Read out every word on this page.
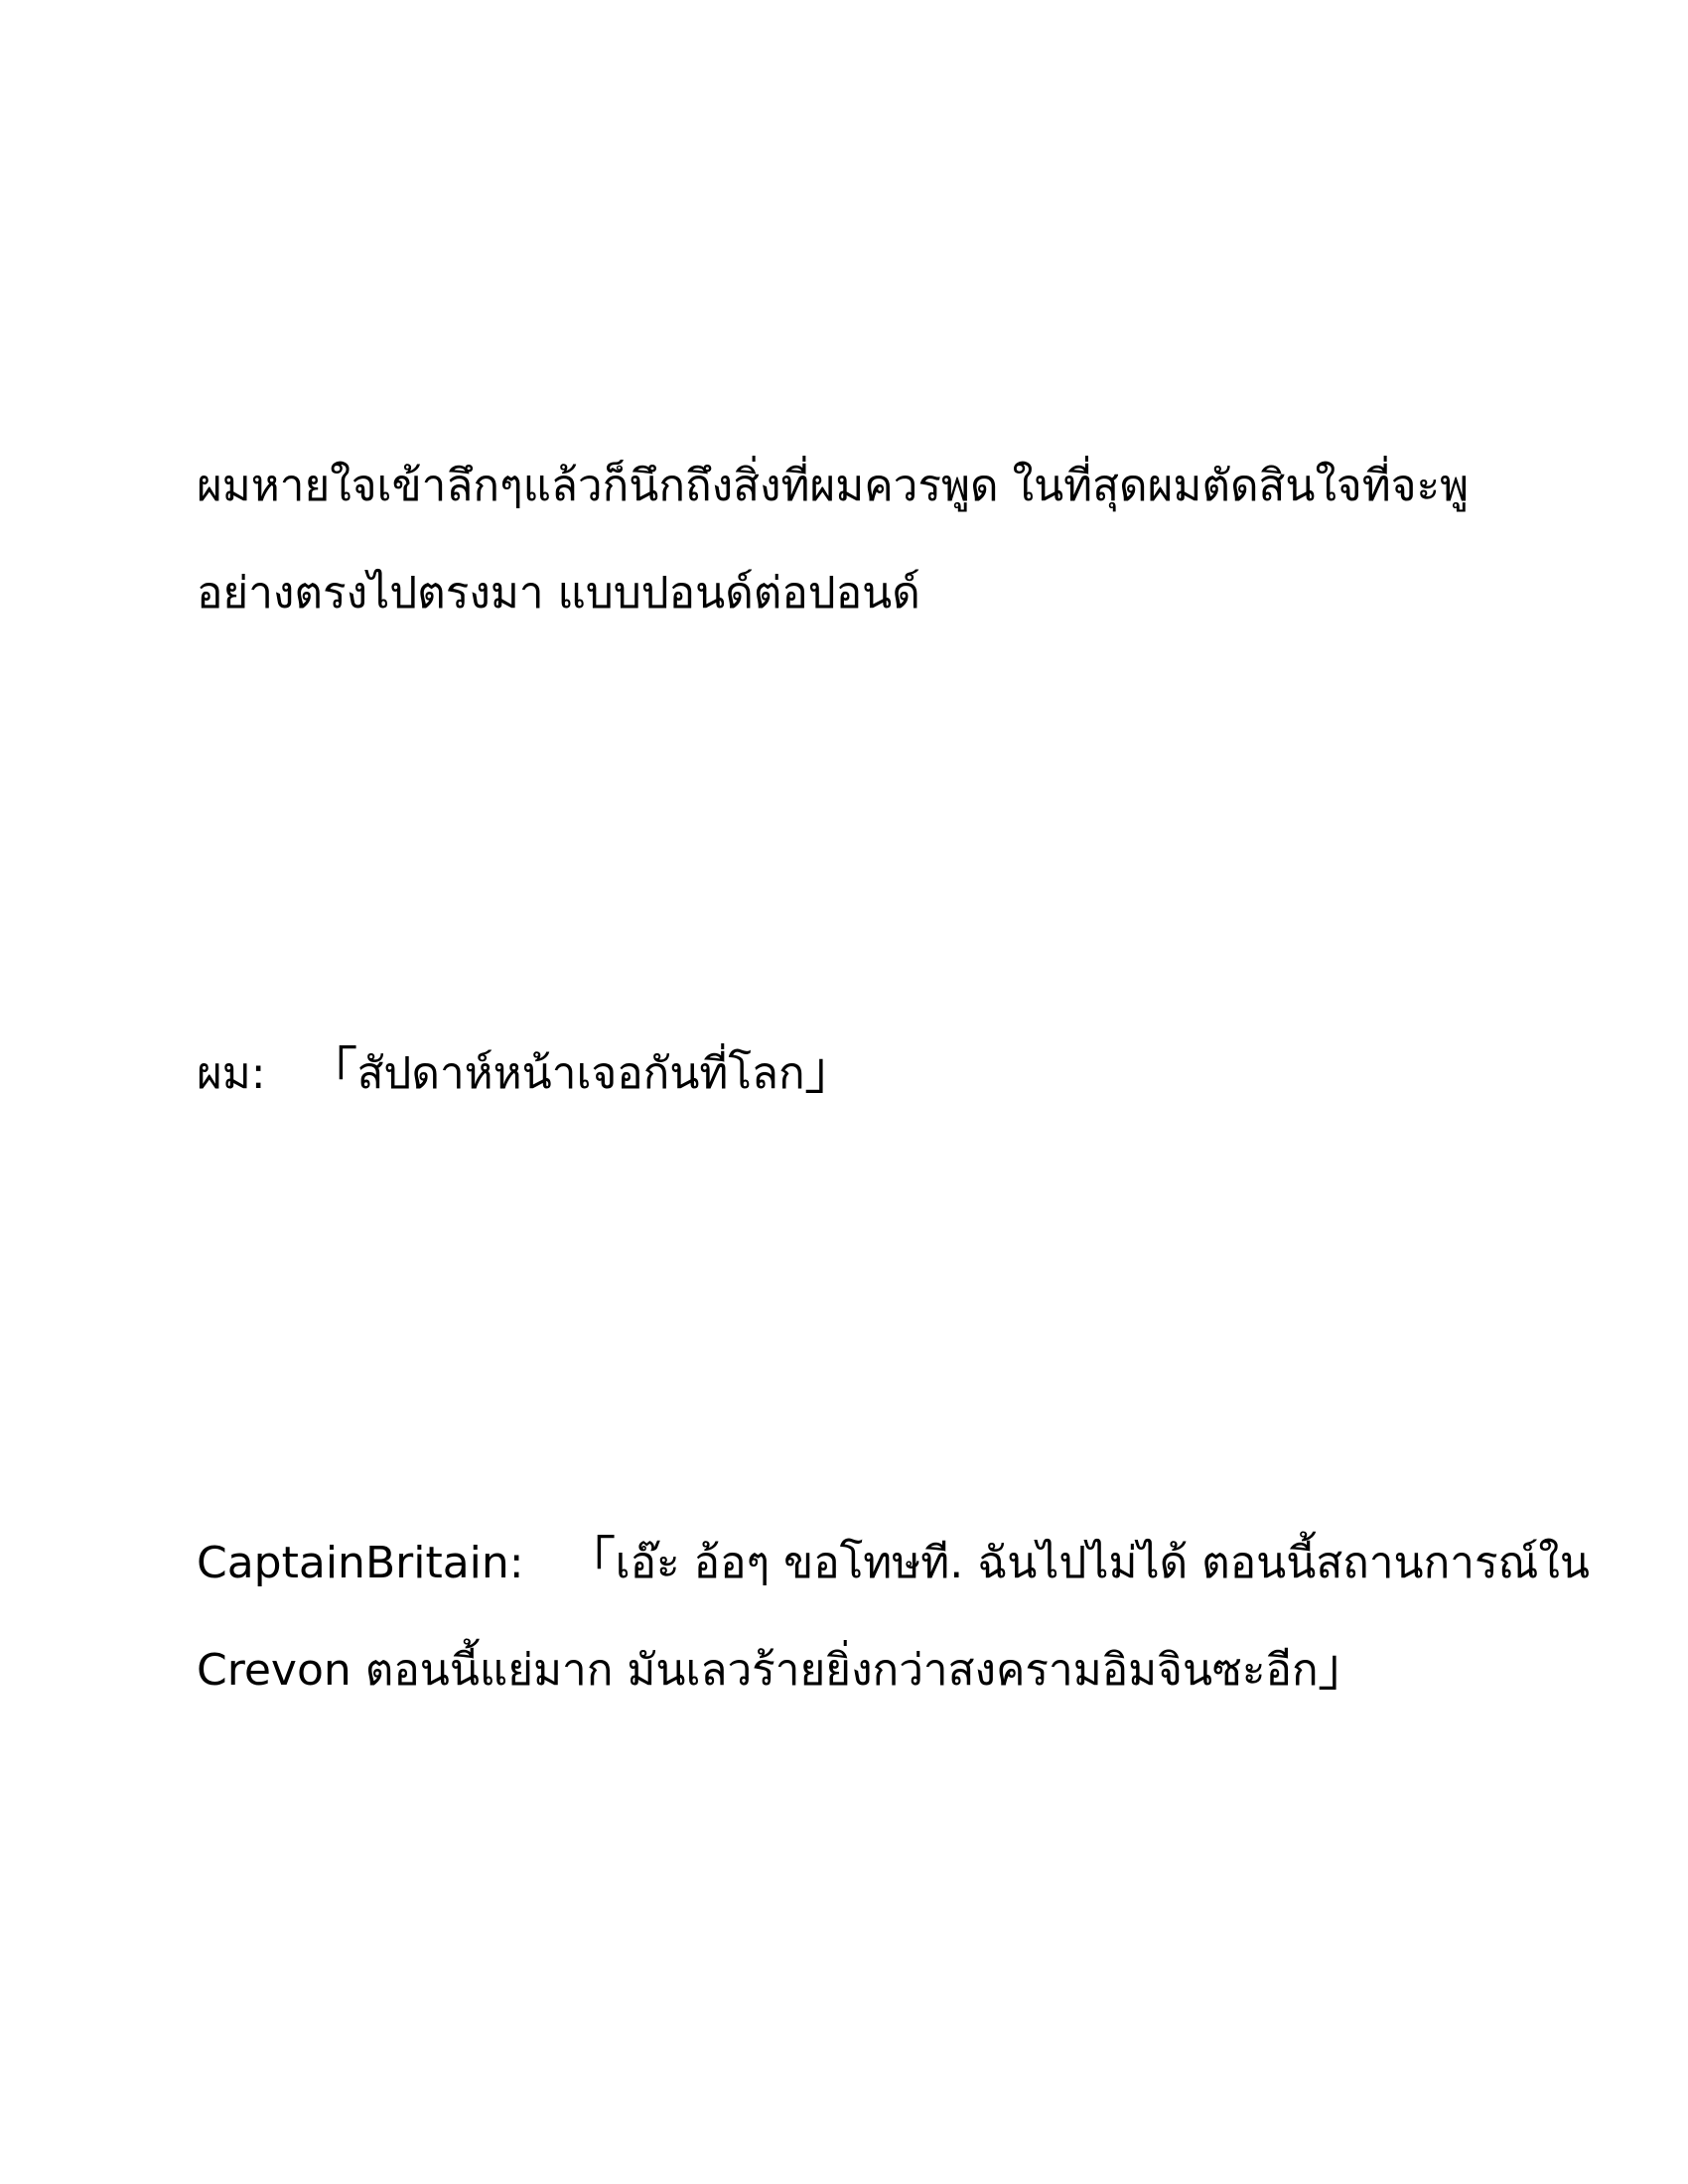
ผมหายใจเข้าลึกๆแล้วก็นึกถึงสิ่งที่ผมควรพูด ในที่สุดผมตัดสินใจที่จะพู
อย่างตรงไปตรงมา แบบปอนด์ต่อปอนด์
ผม: 「สัปดาห์หน้าเจอกันที่โลก」
CaptainBritain: 「เอ๊ะ อ้อๆ ขอโทษที. ฉันไปไม่ได้ ตอนนี้สถานการณ์ใน
Crevon ตอนนี้แย่มาก มันเลวร้ายยิ่งกว่าสงครามอิมจินซะอีก」
